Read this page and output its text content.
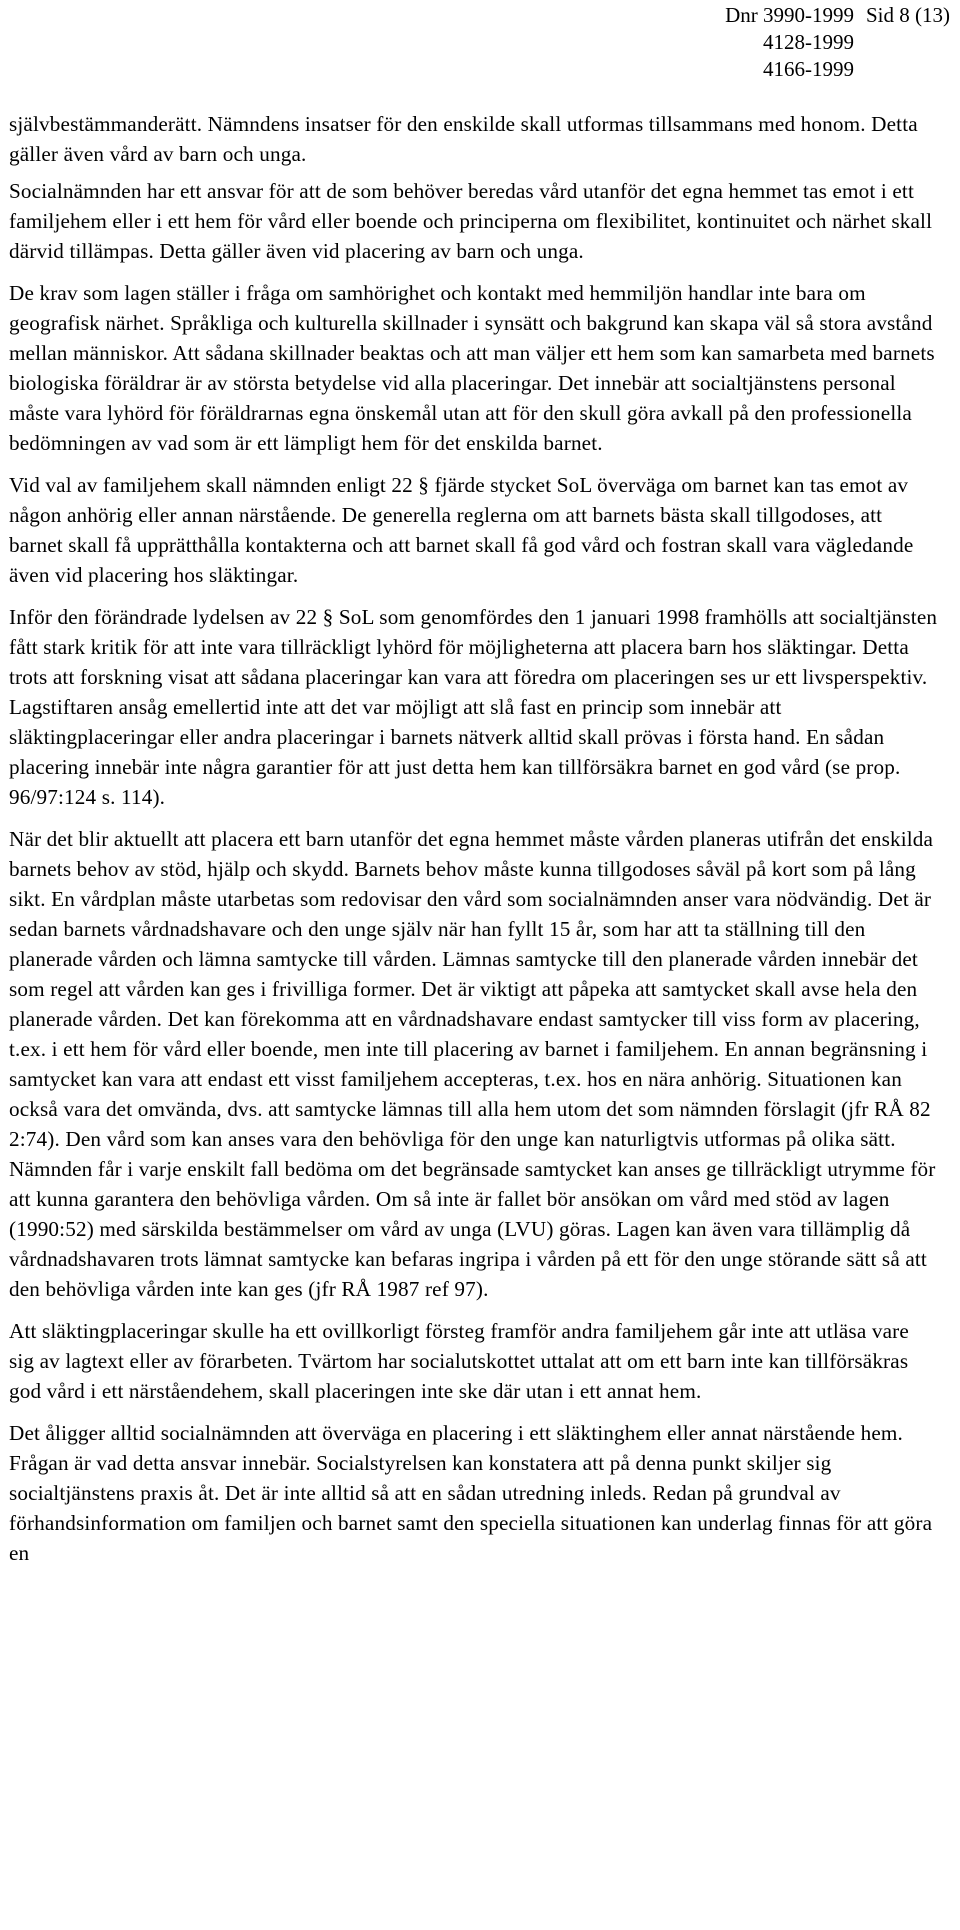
Dnr 3990-1999
4128-1999
4166-1999
Sid 8 (13)

självbestämmanderätt. Nämndens insatser för den enskilde skall utformas tillsammans med honom. Detta gäller även vård av barn och unga.

Socialnämnden har ett ansvar för att de som behöver beredas vård utanför det egna hemmet tas emot i ett familjehem eller i ett hem för vård eller boende och principerna om flexibilitet, kontinuitet och närhet skall därvid tillämpas. Detta gäller även vid placering av barn och unga.

De krav som lagen ställer i fråga om samhörighet och kontakt med hemmiljön handlar inte bara om geografisk närhet. Språkliga och kulturella skillnader i synsätt och bakgrund kan skapa väl så stora avstånd mellan människor. Att sådana skillnader beaktas och att man väljer ett hem som kan samarbeta med barnets biologiska föräldrar är av största betydelse vid alla placeringar. Det innebär att socialtjänstens personal måste vara lyhörd för föräldrarnas egna önskemål utan att för den skull göra avkall på den professionella bedömningen av vad som är ett lämpligt hem för det enskilda barnet.

Vid val av familjehem skall nämnden enligt 22 § fjärde stycket SoL överväga om barnet kan tas emot av någon anhörig eller annan närstående. De generella reglerna om att barnets bästa skall tillgodoses, att barnet skall få upprätthålla kontakterna och att barnet skall få god vård och fostran skall vara vägledande även vid placering hos släktingar.

Inför den förändrade lydelsen av 22 § SoL som genomfördes den 1 januari 1998 framhölls att socialtjänsten fått stark kritik för att inte vara tillräckligt lyhörd för möjligheterna att placera barn hos släktingar. Detta trots att forskning visat att sådana placeringar kan vara att föredra om placeringen ses ur ett livsperspektiv. Lagstiftaren ansåg emellertid inte att det var möjligt att slå fast en princip som innebär att släktingplaceringar eller andra placeringar i barnets nätverk alltid skall prövas i första hand. En sådan placering innebär inte några garantier för att just detta hem kan tillförsäkra barnet en god vård (se prop. 96/97:124 s. 114).

När det blir aktuellt att placera ett barn utanför det egna hemmet måste vården planeras utifrån det enskilda barnets behov av stöd, hjälp och skydd. Barnets behov måste kunna tillgodoses såväl på kort som på lång sikt. En vårdplan måste utarbetas som redovisar den vård som socialnämnden anser vara nödvändig. Det är sedan barnets vårdnadshavare och den unge själv när han fyllt 15 år, som har att ta ställning till den planerade vården och lämna samtycke till vården. Lämnas samtycke till den planerade vården innebär det som regel att vården kan ges i frivilliga former. Det är viktigt att påpeka att samtycket skall avse hela den planerade vården. Det kan förekomma att en vårdnadshavare endast samtycker till viss form av placering, t.ex. i ett hem för vård eller boende, men inte till placering av barnet i familjehem. En annan begränsning i samtycket kan vara att endast ett visst familjehem accepteras, t.ex. hos en nära anhörig. Situationen kan också vara det omvända, dvs. att samtycke lämnas till alla hem utom det som nämnden förslagit (jfr RÅ 82 2:74). Den vård som kan anses vara den behövliga för den unge kan naturligtvis utformas på olika sätt. Nämnden får i varje enskilt fall bedöma om det begränsade samtycket kan anses ge tillräckligt utrymme för att kunna garantera den behövliga vården. Om så inte är fallet bör ansökan om vård med stöd av lagen (1990:52) med särskilda bestämmelser om vård av unga (LVU) göras. Lagen kan även vara tillämplig då vårdnadshavaren trots lämnat samtycke kan befaras ingripa i vården på ett för den unge störande sätt så att den behövliga vården inte kan ges (jfr RÅ 1987 ref 97).

Att släktingplaceringar skulle ha ett ovillkorligt försteg framför andra familjehem går inte att utläsa vare sig av lagtext eller av förarbeten. Tvärtom har socialutskottet uttalat att om ett barn inte kan tillförsäkras god vård i ett närståendehem, skall placeringen inte ske där utan i ett annat hem.

Det åligger alltid socialnämnden att överväga en placering i ett släktinghem eller annat närstående hem. Frågan är vad detta ansvar innebär. Socialstyrelsen kan konstatera att på denna punkt skiljer sig socialtjänstens praxis åt. Det är inte alltid så att en sådan utredning inleds. Redan på grundval av förhandsinformation om familjen och barnet samt den speciella situationen kan underlag finnas för att göra en
